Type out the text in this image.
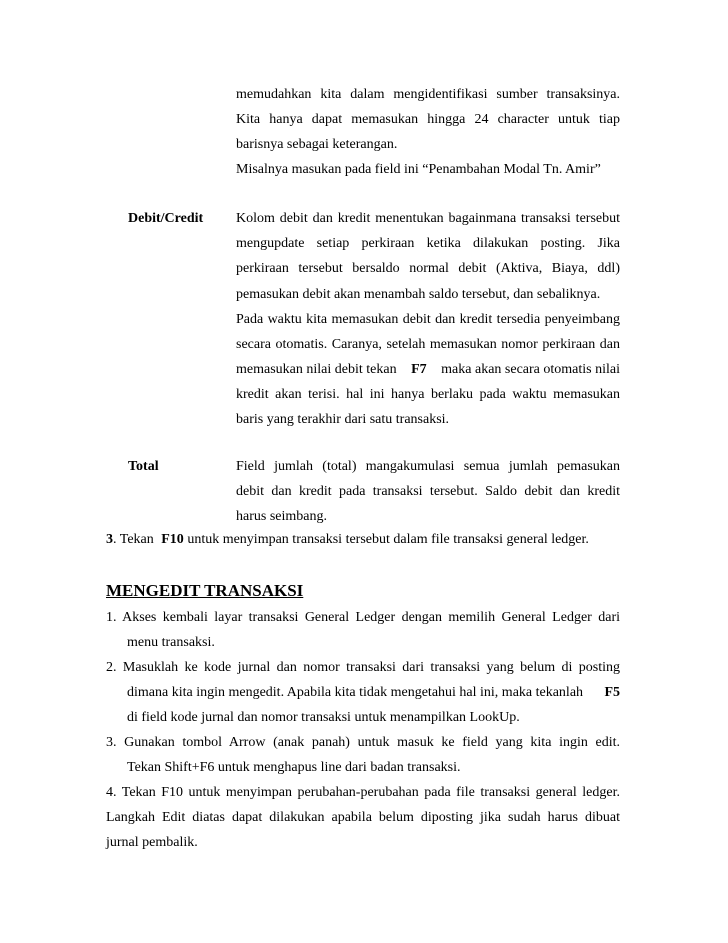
memudahkan kita dalam mengidentifikasi sumber transaksinya.
Kita hanya dapat memasukan hingga 24 character untuk tiap
barisnya sebagai keterangan.
Misalnya masukan pada field ini “Penambahan Modal Tn. Amir”
Debit/Credit Kolom debit dan kredit menentukan bagainmana transaksi tersebut
mengupdate setiap perkiraan ketika dilakukan posting. Jika
perkiraan tersebut bersaldo normal debit (Aktiva, Biaya, ddl)
pemasukan debit akan menambah saldo tersebut, dan sebaliknya.
Pada waktu kita memasukan debit dan kredit tersedia penyeimbang
secara otomatis. Caranya, setelah memasukan nomor perkiraan dan
memasukan nilai debit tekan F7 maka akan secara otomatis nilai
kredit akan terisi. hal ini hanya berlaku pada waktu memasukan
baris yang terakhir dari satu transaksi.
Total	Field jumlah (total) mangakumulasi semua jumlah pemasukan
debit dan kredit pada transaksi tersebut. Saldo debit dan kredit
harus seimbang.
3. Tekan F10 untuk menyimpan transaksi tersebut dalam file transaksi general ledger.
MENGEDIT TRANSAKSI
1. Akses kembali layar transaksi General Ledger dengan memilih General Ledger dari
menu transaksi.
2. Masuklah ke kode jurnal dan nomor transaksi dari transaksi yang belum di posting
dimana kita ingin mengedit. Apabila kita tidak mengetahui hal ini, maka tekanlah F5
di field kode jurnal dan nomor transaksi untuk menampilkan LookUp.
3. Gunakan tombol Arrow (anak panah) untuk masuk ke field yang kita ingin edit.
Tekan Shift+F6 untuk menghapus line dari badan transaksi.
4. Tekan F10 untuk menyimpan perubahan-perubahan pada file transaksi general ledger.
Langkah Edit diatas dapat dilakukan apabila belum diposting jika sudah harus dibuat
jurnal pembalik.
